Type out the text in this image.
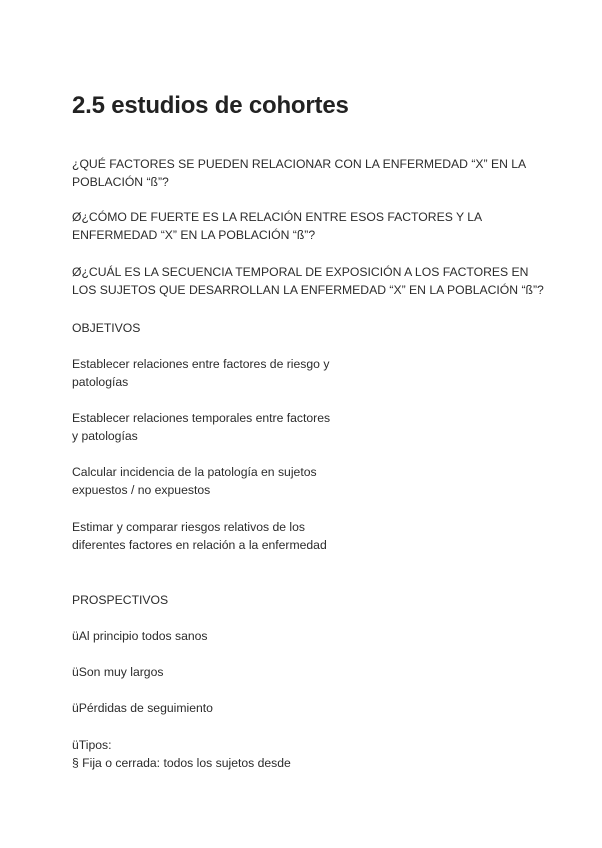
2.5 estudios de cohortes
¿QUÉ FACTORES SE PUEDEN RELACIONAR CON LA ENFERMEDAD “X” EN LA
POBLACIÓN “ß”?
Ø¿CÓMO DE FUERTE ES LA RELACIÓN ENTRE ESOS FACTORES Y LA
ENFERMEDAD “X” EN LA POBLACIÓN “ß”?
Ø¿CUÁL ES LA SECUENCIA TEMPORAL DE EXPOSICIÓN A LOS FACTORES EN
LOS SUJETOS QUE DESARROLLAN LA ENFERMEDAD “X” EN LA POBLACIÓN “ß”?
OBJETIVOS
Establecer relaciones entre factores de riesgo y
patologías
Establecer relaciones temporales entre factores
y patologías
Calcular incidencia de la patología en sujetos
expuestos / no expuestos
Estimar y comparar riesgos relativos de los
diferentes factores en relación a la enfermedad
PROSPECTIVOS
üAl principio todos sanos
üSon muy largos
üPérdidas de seguimiento
üTipos:
§ Fija o cerrada: todos los sujetos desde
